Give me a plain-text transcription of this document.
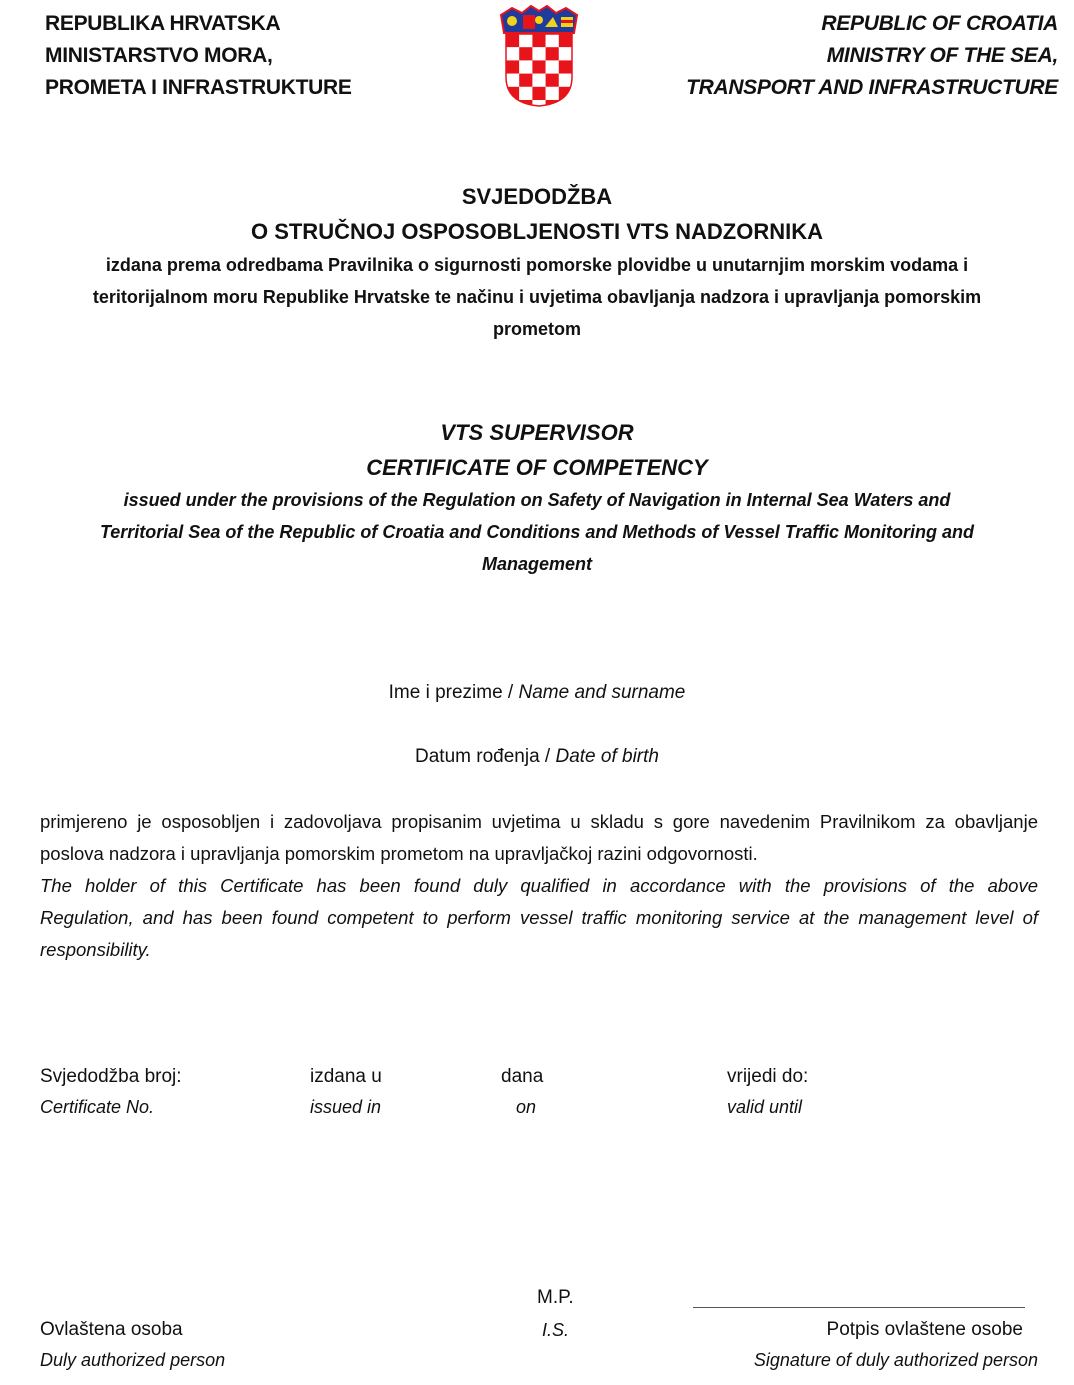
REPUBLIKA HRVATSKA
MINISTARSTVO MORA,
PROMETA I INFRASTRUKTURE
REPUBLIC OF CROATIA
MINISTRY OF THE SEA,
TRANSPORT AND INFRASTRUCTURE
SVJEDODŽBA
O STRUČNOJ OSPOSOBLJENOSTI VTS NADZORNIKA
izdana prema odredbama Pravilnika o sigurnosti pomorske plovidbe u unutarnjim morskim vodama i
teritorijalnom moru Republike Hrvatske te načinu i uvjetima obavljanja nadzora i upravljanja pomorskim
prometom
VTS SUPERVISOR
CERTIFICATE OF COMPETENCY
issued under the provisions of the Regulation on Safety of Navigation in Internal Sea Waters and
Territorial Sea of the Republic of Croatia and Conditions and Methods of Vessel Traffic Monitoring and
Management
Ime i prezime / Name and surname
Datum rođenja / Date of birth
primjereno je osposobljen i zadovoljava propisanim uvjetima u skladu s gore navedenim Pravilnikom za obavljanje
poslova nadzora i upravljanja pomorskim prometom na upravljačkoj razini odgovornosti.
The holder of this Certificate has been found duly qualified in accordance with the provisions of the above
Regulation, and has been found competent to perform vessel traffic monitoring service at the management level of
responsibility.
Svjedodžba broj:
Certificate No.
izdana u
issued in
dana
on
vrijedi do:
valid until
M.P.
I.S.
Ovlaštena osoba
Duly authorized person
Potpis ovlaštene osobe
Signature of duly authorized person
